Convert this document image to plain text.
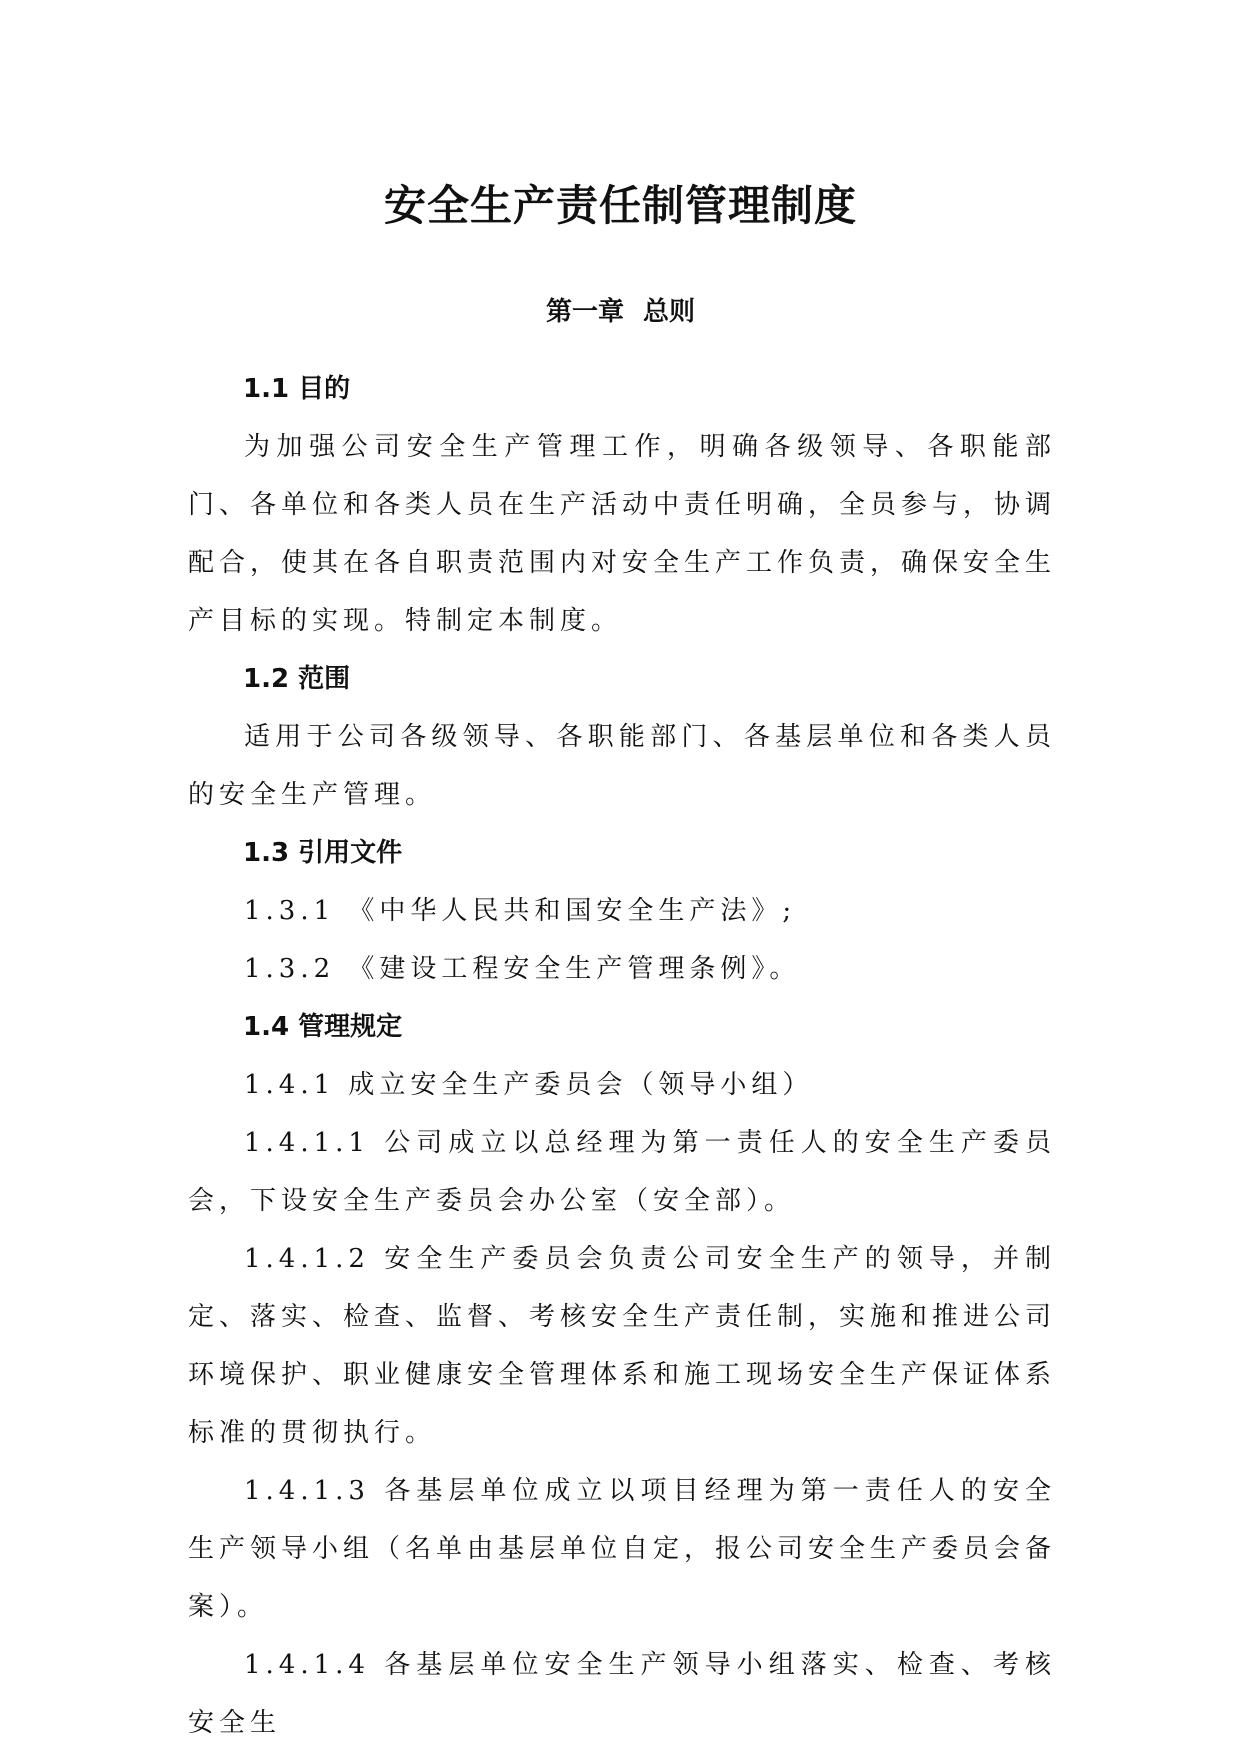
安全生产责任制管理制度
第一章 总则

1.1 目的

为加强公司安全生产管理工作，明确各级领导、各职能部门、各单位和各类人员在生产活动中责任明确，全员参与，协调配合，使其在各自职责范围内对安全生产工作负责，确保安全生产目标的实现。特制定本制度。

1.2 范围

适用于公司各级领导、各职能部门、各基层单位和各类人员的安全生产管理。

1.3 引用文件

1.3.1 《中华人民共和国安全生产法》;

1.3.2 《建设工程安全生产管理条例》。

1.4 管理规定

1.4.1 成立安全生产委员会（领导小组）

1.4.1.1 公司成立以总经理为第一责任人的安全生产委员会，下设安全生产委员会办公室（安全部）。

1.4.1.2 安全生产委员会负责公司安全生产的领导，并制定、落实、检查、监督、考核安全生产责任制，实施和推进公司环境保护、职业健康安全管理体系和施工现场安全生产保证体系标准的贯彻执行。

1.4.1.3 各基层单位成立以项目经理为第一责任人的安全生产领导小组（名单由基层单位自定，报公司安全生产委员会备案）。

1.4.1.4 各基层单位安全生产领导小组落实、检查、考核安全生
